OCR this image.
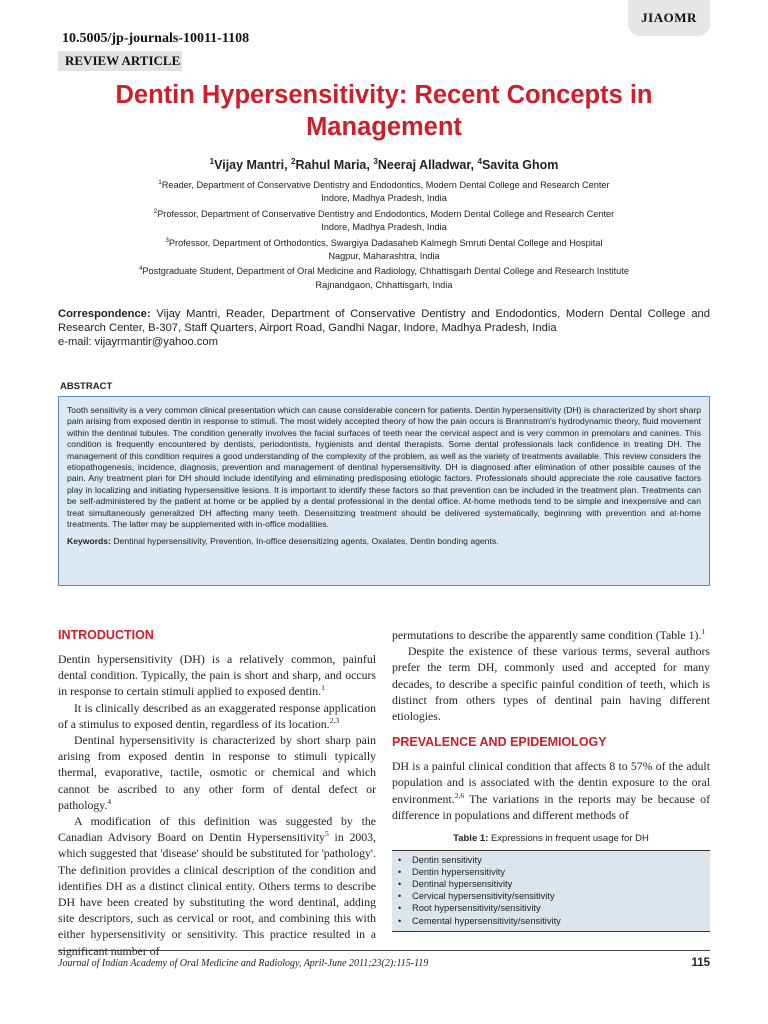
JIAOMR
10.5005/jp-journals-10011-1108
REVIEW ARTICLE
Dentin Hypersensitivity: Recent Concepts in Management
$^1$Vijay Mantri, $^2$Rahul Maria, $^3$Neeraj Alladwar, $^4$Savita Ghom
$^1$Reader, Department of Conservative Dentistry and Endodontics, Modern Dental College and Research Center
Indore, Madhya Pradesh, India
$^2$Professor, Department of Conservative Dentistry and Endodontics, Modern Dental College and Research Center
Indore, Madhya Pradesh, India
$^3$Professor, Department of Orthodontics, Swargiya Dadasaheb Kalmegh Smruti Dental College and Hospital
Nagpur, Maharashtra, India
$^4$Postgraduate Student, Department of Oral Medicine and Radiology, Chhattisgarh Dental College and Research Institute
Rajnandgaon, Chhattisgarh, India
Correspondence: Vijay Mantri, Reader, Department of Conservative Dentistry and Endodontics, Modern Dental College and Research Center, B-307, Staff Quarters, Airport Road, Gandhi Nagar, Indore, Madhya Pradesh, India
e-mail: vijayrmantir@yahoo.com
ABSTRACT
Tooth sensitivity is a very common clinical presentation which can cause considerable concern for patients. Dentin hypersensitivity (DH) is characterized by short sharp pain arising from exposed dentin in response to stimuli. The most widely accepted theory of how the pain occurs is Brannstrom's hydrodynamic theory, fluid movement within the dentinal tubules. The condition generally involves the facial surfaces of teeth near the cervical aspect and is very common in premolars and canines. This condition is frequently encountered by dentists, periodontists, hygienists and dental therapists. Some dental professionals lack confidence in treating DH. The management of this condition requires a good understanding of the complexity of the problem, as well as the variety of treatments available. This review considers the etiopathogenesis, incidence, diagnosis, prevention and management of dentinal hypersensitivity. DH is diagnosed after elimination of other possible causes of the pain. Any treatment plan for DH should include identifying and eliminating predisposing etiologic factors. Professionals should appreciate the role causative factors play in localizing and initiating hypersensitive lesions. It is important to identify these factors so that prevention can be included in the treatment plan. Treatments can be self-administered by the patient at home or be applied by a dental professional in the dental office. At-home methods tend to be simple and inexpensive and can treat simultaneously generalized DH affecting many teeth. Desensitizing treatment should be delivered systematically, beginning with prevention and at-home treatments. The latter may be supplemented with in-office modalities.
Keywords: Dentinal hypersensitivity, Prevention, In-office desensitizing agents, Oxalates, Dentin bonding agents.
INTRODUCTION

Dentin hypersensitivity (DH) is a relatively common, painful dental condition. Typically, the pain is short and sharp, and occurs in response to certain stimuli applied to exposed dentin.$^1$

It is clinically described as an exaggerated response application of a stimulus to exposed dentin, regardless of its location.$^{2,3}$

Dentinal hypersensitivity is characterized by short sharp pain arising from exposed dentin in response to stimuli typically thermal, evaporative, tactile, osmotic or chemical and which cannot be ascribed to any other form of dental defect or pathology.$^4$

A modification of this definition was suggested by the Canadian Advisory Board on Dentin Hypersensitivity$^5$ in 2003, which suggested that 'disease' should be substituted for 'pathology'. The definition provides a clinical description of the condition and identifies DH as a distinct clinical entity. Others terms to describe DH have been created by substituting the word dentinal, adding site descriptors, such as cervical or root, and combining this with either hypersensitivity or sensitivity. This practice resulted in a significant number of

permutations to describe the apparently same condition (Table 1).$^1$

Despite the existence of these various terms, several authors prefer the term DH, commonly used and accepted for many decades, to describe a specific painful condition of teeth, which is distinct from others types of dentinal pain having different etiologies.

PREVALENCE AND EPIDEMIOLOGY

DH is a painful clinical condition that affects 8 to 57% of the adult population and is associated with the dentin exposure to the oral environment.$^{2,6}$ The variations in the reports may be because of difference in populations and different methods of

Table 1: Expressions in frequent usage for DH
• Dentin sensitivity
• Dentin hypersensitivity
• Dentinal hypersensitivity
• Cervical hypersensitivity/sensitivity
• Root hypersensitivity/sensitivity
• Cemental hypersensitivity/sensitivity
Journal of Indian Academy of Oral Medicine and Radiology, April-June 2011;23(2):115-119	115
